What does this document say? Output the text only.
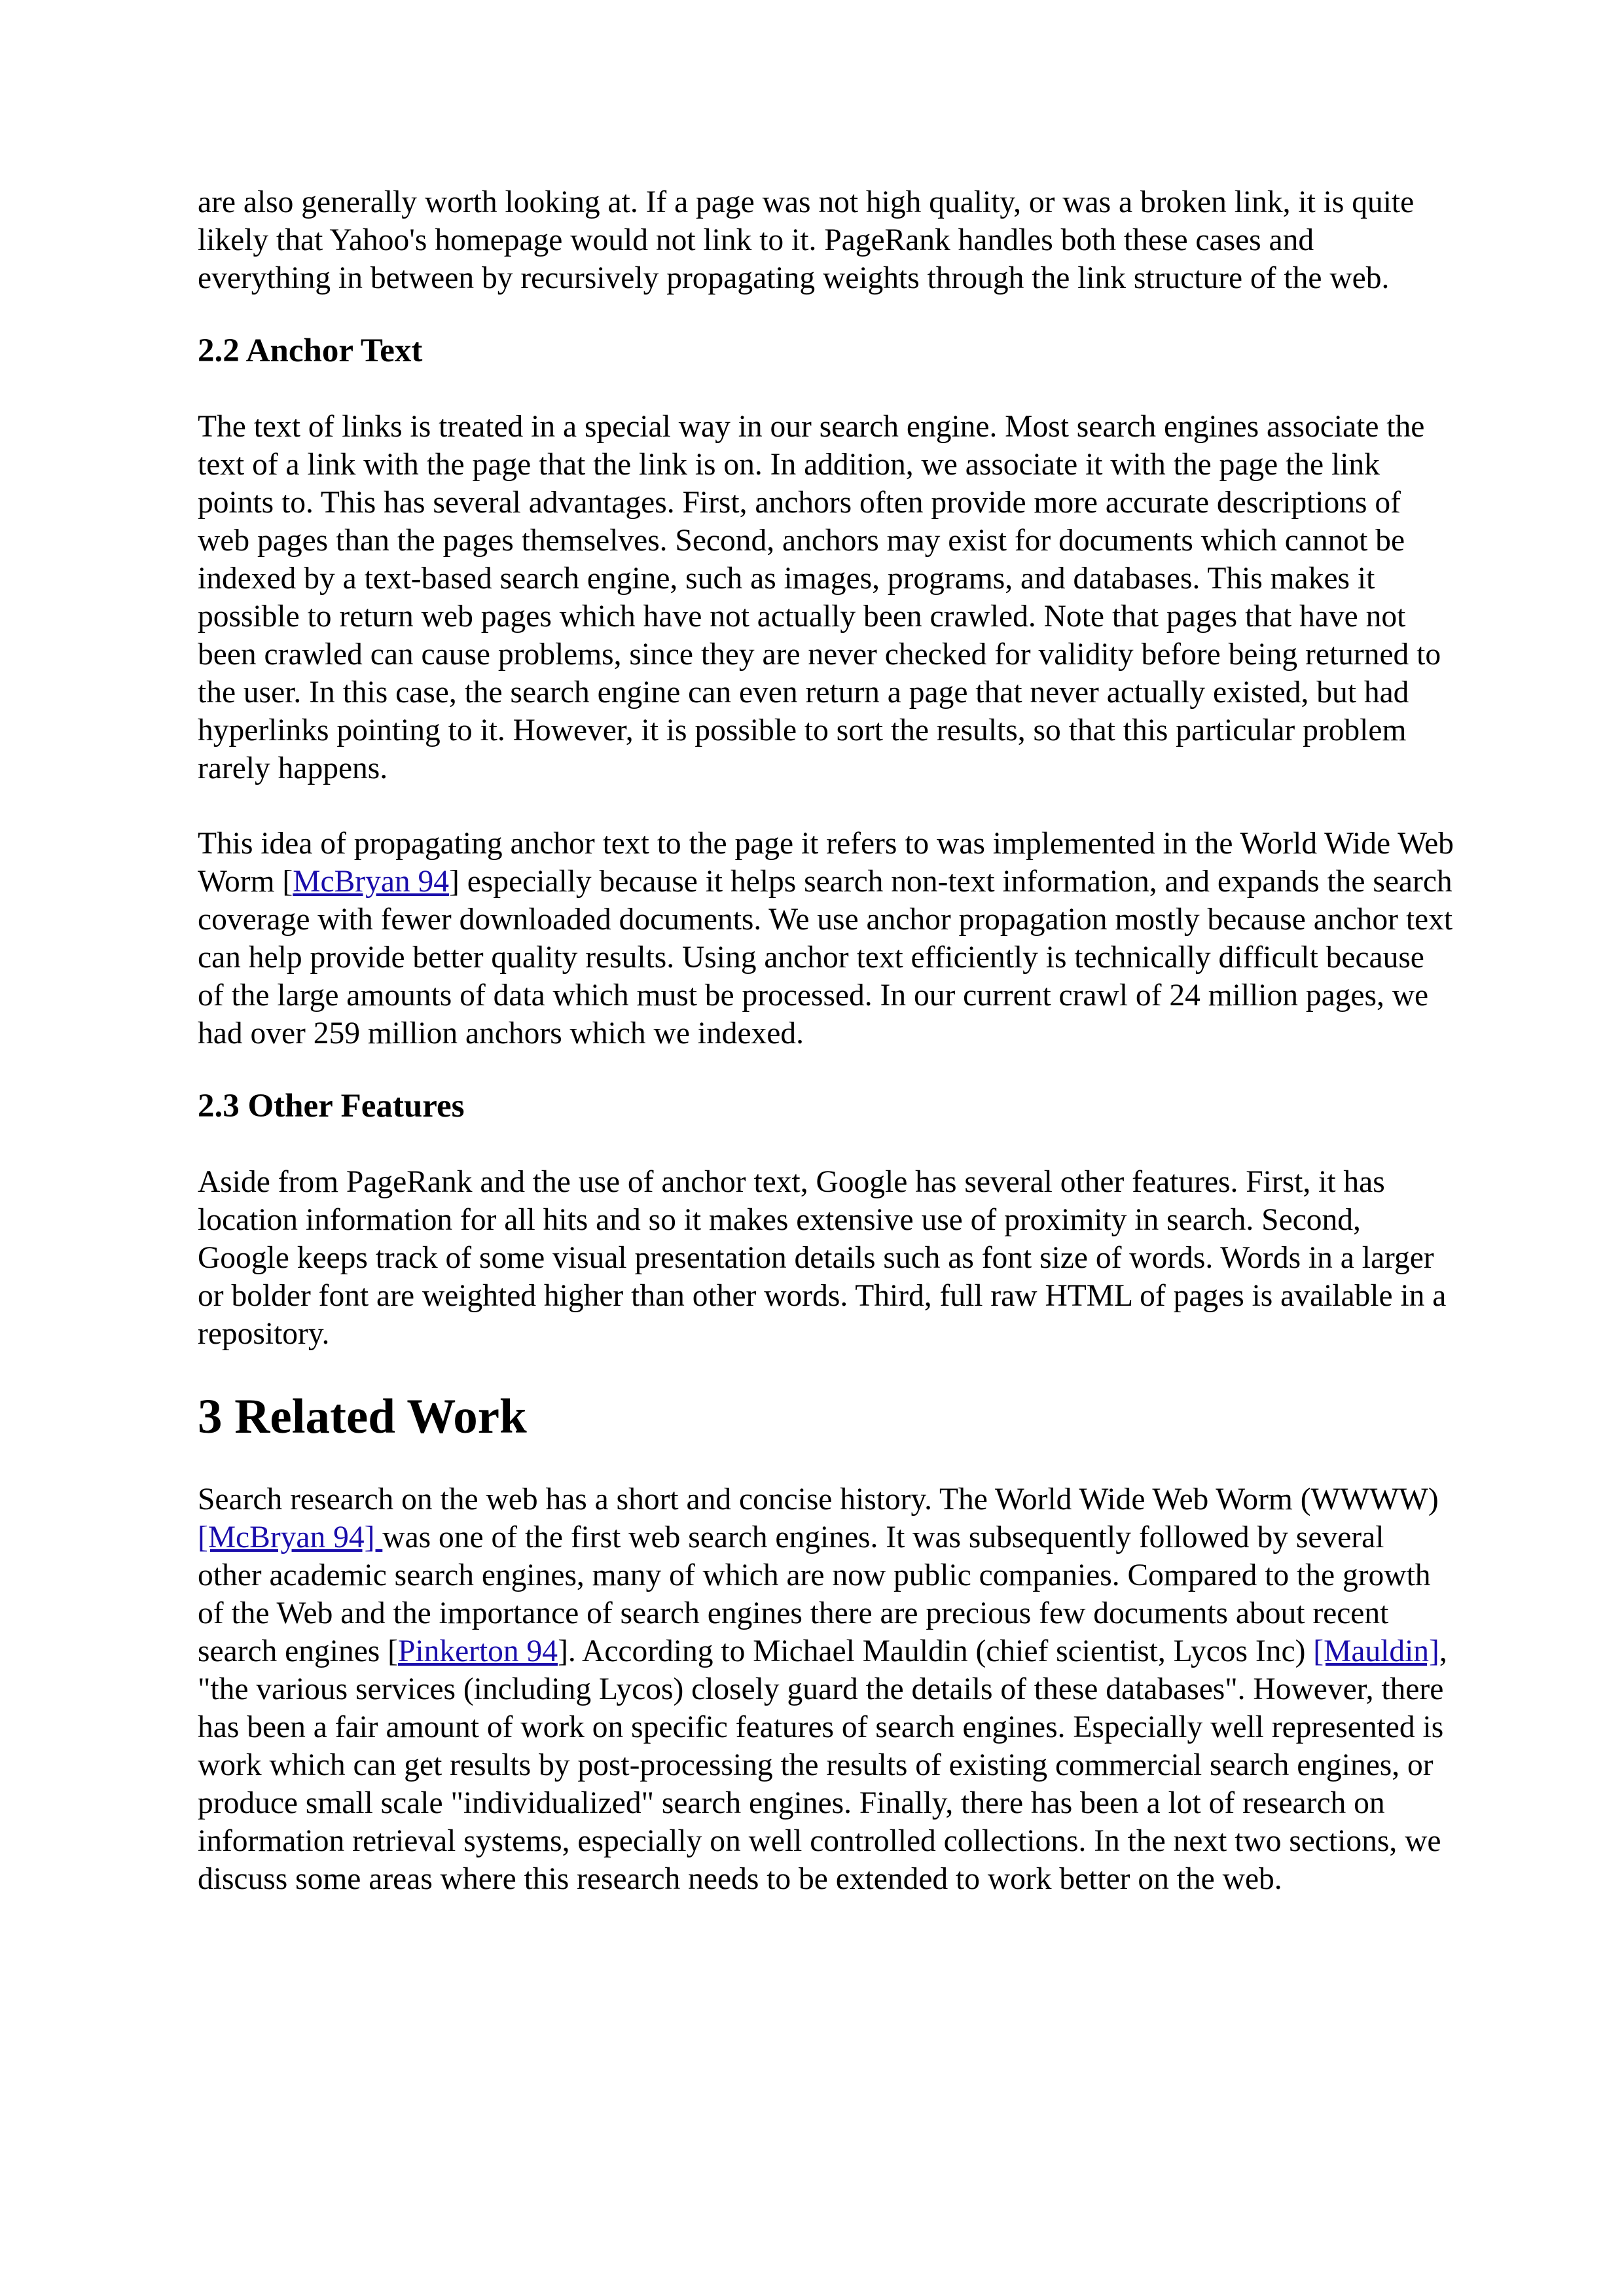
are also generally worth looking at. If a page was not high quality, or was a broken link, it is quite likely that Yahoo's homepage would not link to it. PageRank handles both these cases and everything in between by recursively propagating weights through the link structure of the web.

2.2 Anchor Text

The text of links is treated in a special way in our search engine. Most search engines associate the text of a link with the page that the link is on. In addition, we associate it with the page the link points to. This has several advantages. First, anchors often provide more accurate descriptions of web pages than the pages themselves. Second, anchors may exist for documents which cannot be indexed by a text-based search engine, such as images, programs, and databases. This makes it possible to return web pages which have not actually been crawled. Note that pages that have not been crawled can cause problems, since they are never checked for validity before being returned to the user. In this case, the search engine can even return a page that never actually existed, but had hyperlinks pointing to it. However, it is possible to sort the results, so that this particular problem rarely happens.

This idea of propagating anchor text to the page it refers to was implemented in the World Wide Web Worm [McBryan 94] especially because it helps search non-text information, and expands the search coverage with fewer downloaded documents. We use anchor propagation mostly because anchor text can help provide better quality results. Using anchor text efficiently is technically difficult because of the large amounts of data which must be processed. In our current crawl of 24 million pages, we had over 259 million anchors which we indexed.

2.3 Other Features

Aside from PageRank and the use of anchor text, Google has several other features. First, it has location information for all hits and so it makes extensive use of proximity in search. Second, Google keeps track of some visual presentation details such as font size of words. Words in a larger or bolder font are weighted higher than other words. Third, full raw HTML of pages is available in a repository.

3 Related Work

Search research on the web has a short and concise history. The World Wide Web Worm (WWWW) [McBryan 94] was one of the first web search engines. It was subsequently followed by several other academic search engines, many of which are now public companies. Compared to the growth of the Web and the importance of search engines there are precious few documents about recent search engines [Pinkerton 94]. According to Michael Mauldin (chief scientist, Lycos Inc) [Mauldin], "the various services (including Lycos) closely guard the details of these databases". However, there has been a fair amount of work on specific features of search engines. Especially well represented is work which can get results by post-processing the results of existing commercial search engines, or produce small scale "individualized" search engines. Finally, there has been a lot of research on information retrieval systems, especially on well controlled collections. In the next two sections, we discuss some areas where this research needs to be extended to work better on the web.
